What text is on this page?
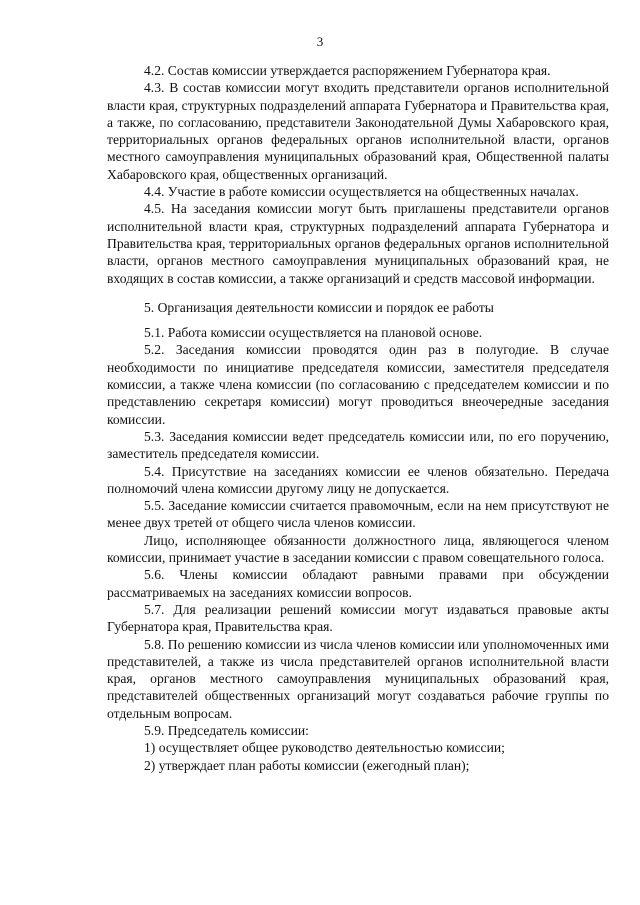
3

4.2. Состав комиссии утверждается распоряжением Губернатора края.

4.3. В состав комиссии могут входить представители органов исполнительной власти края, структурных подразделений аппарата Губернатора и Правительства края, а также, по согласованию, представители Законодательной Думы Хабаровского края, территориальных органов федеральных органов исполнительной власти, органов местного самоуправления муниципальных образований края, Общественной палаты Хабаровского края, общественных организаций.

4.4. Участие в работе комиссии осуществляется на общественных началах.

4.5. На заседания комиссии могут быть приглашены представители органов исполнительной власти края, структурных подразделений аппарата Губернатора и Правительства края, территориальных органов федеральных органов исполнительной власти, органов местного самоуправления муниципальных образований края, не входящих в состав комиссии, а также организаций и средств массовой информации.

5. Организация деятельности комиссии и порядок ее работы

5.1. Работа комиссии осуществляется на плановой основе.

5.2. Заседания комиссии проводятся один раз в полугодие. В случае необходимости по инициативе председателя комиссии, заместителя председателя комиссии, а также члена комиссии (по согласованию с председателем комиссии и по представлению секретаря комиссии) могут проводиться внеочередные заседания комиссии.

5.3. Заседания комиссии ведет председатель комиссии или, по его поручению, заместитель председателя комиссии.

5.4. Присутствие на заседаниях комиссии ее членов обязательно. Передача полномочий члена комиссии другому лицу не допускается.

5.5. Заседание комиссии считается правомочным, если на нем присутствуют не менее двух третей от общего числа членов комиссии.

Лицо, исполняющее обязанности должностного лица, являющегося членом комиссии, принимает участие в заседании комиссии с правом совещательного голоса.

5.6. Члены комиссии обладают равными правами при обсуждении рассматриваемых на заседаниях комиссии вопросов.

5.7. Для реализации решений комиссии могут издаваться правовые акты Губернатора края, Правительства края.

5.8. По решению комиссии из числа членов комиссии или уполномоченных ими представителей, а также из числа представителей органов исполнительной власти края, органов местного самоуправления муниципальных образований края, представителей общественных организаций могут создаваться рабочие группы по отдельным вопросам.

5.9. Председатель комиссии:

1) осуществляет общее руководство деятельностью комиссии;

2) утверждает план работы комиссии (ежегодный план);
